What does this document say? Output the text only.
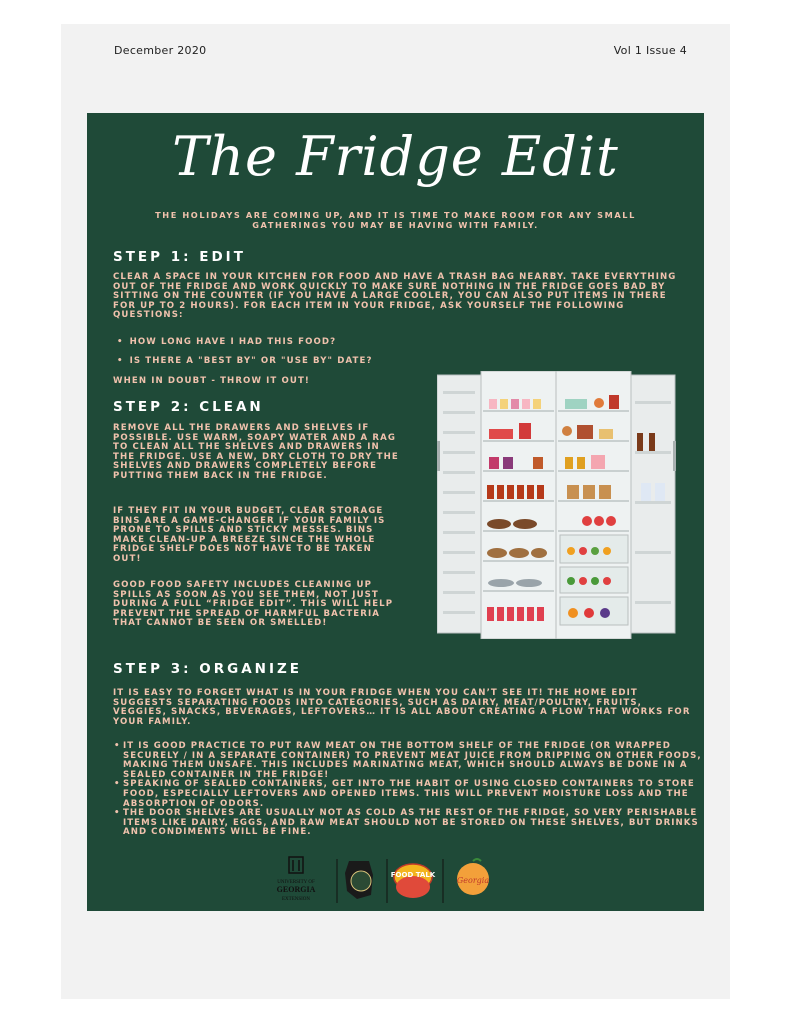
December 2020	Vol 1 Issue 4
The Fridge Edit
THE HOLIDAYS ARE COMING UP, AND IT IS TIME TO MAKE ROOM FOR ANY SMALL GATHERINGS YOU MAY BE HAVING WITH FAMILY.
STEP 1: EDIT

CLEAR A SPACE IN YOUR KITCHEN FOR FOOD AND HAVE A TRASH BAG NEARBY. TAKE EVERYTHING OUT OF THE FRIDGE AND WORK QUICKLY TO MAKE SURE NOTHING IN THE FRIDGE GOES BAD BY SITTING ON THE COUNTER (IF YOU HAVE A LARGE COOLER, YOU CAN ALSO PUT ITEMS IN THERE FOR UP TO 2 HOURS). FOR EACH ITEM IN YOUR FRIDGE, ASK YOURSELF THE FOLLOWING QUESTIONS:

• HOW LONG HAVE I HAD THIS FOOD?
• IS THERE A "BEST BY" OR "USE BY" DATE?
WHEN IN DOUBT - THROW IT OUT!
STEP 2: CLEAN

REMOVE ALL THE DRAWERS AND SHELVES IF POSSIBLE. USE WARM, SOAPY WATER AND A RAG TO CLEAN ALL THE SHELVES AND DRAWERS IN THE FRIDGE. USE A NEW, DRY CLOTH TO DRY THE SHELVES AND DRAWERS COMPLETELY BEFORE PUTTING THEM BACK IN THE FRIDGE.

IF THEY FIT IN YOUR BUDGET, CLEAR STORAGE BINS ARE A GAME-CHANGER IF YOUR FAMILY IS PRONE TO SPILLS AND STICKY MESSES. BINS MAKE CLEAN-UP A BREEZE SINCE THE WHOLE FRIDGE SHELF DOES NOT HAVE TO BE TAKEN OUT!

GOOD FOOD SAFETY INCLUDES CLEANING UP SPILLS AS SOON AS YOU SEE THEM, NOT JUST DURING A FULL “FRIDGE EDIT”. THIS WILL HELP PREVENT THE SPREAD OF HARMFUL BACTERIA THAT CANNOT BE SEEN OR SMELLED!

STEP 3: ORGANIZE

IT IS EASY TO FORGET WHAT IS IN YOUR FRIDGE WHEN YOU CAN’T SEE IT! THE HOME EDIT SUGGESTS SEPARATING FOODS INTO CATEGORIES, SUCH AS DAIRY, MEAT/POULTRY, FRUITS, VEGGIES, SNACKS, BEVERAGES, LEFTOVERS… IT IS ALL ABOUT CREATING A FLOW THAT WORKS FOR YOUR FAMILY.

• IT IS GOOD PRACTICE TO PUT RAW MEAT ON THE BOTTOM SHELF OF THE FRIDGE (OR WRAPPED SECURELY / IN A SEPARATE CONTAINER) TO PREVENT MEAT JUICE FROM DRIPPING ON OTHER FOODS, MAKING THEM UNSAFE. THIS INCLUDES MARINATING MEAT, WHICH SHOULD ALWAYS BE DONE IN A SEALED CONTAINER IN THE FRIDGE!
• SPEAKING OF SEALED CONTAINERS, GET INTO THE HABIT OF USING CLOSED CONTAINERS TO STORE FOOD, ESPECIALLY LEFTOVERS AND OPENED ITEMS. THIS WILL PREVENT MOISTURE LOSS AND THE ABSORPTION OF ODORS.
• THE DOOR SHELVES ARE USUALLY NOT AS COLD AS THE REST OF THE FRIDGE, SO VERY PERISHABLE ITEMS LIKE DAIRY, EGGS, AND RAW MEAT SHOULD NOT BE STORED ON THESE SHELVES, BUT DRINKS AND CONDIMENTS WILL BE FINE.
UNIVERSITY OF
GEORGIA
EXTENSION
FOOD TALK
Georgia
